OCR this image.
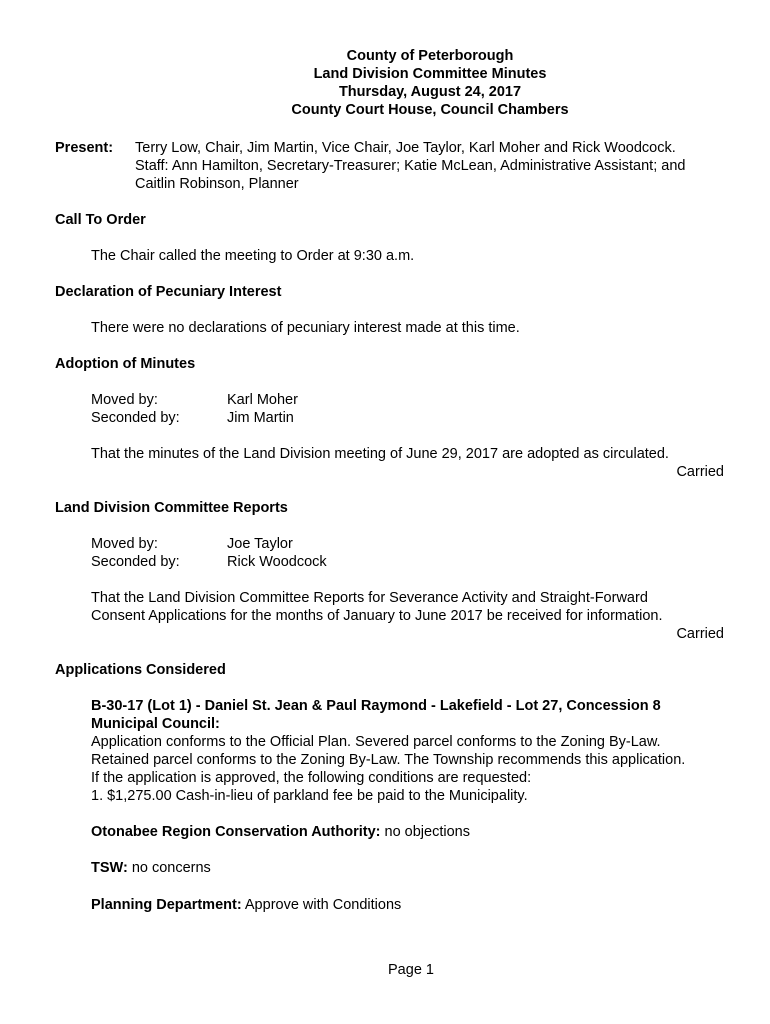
County of Peterborough
Land Division Committee Minutes
Thursday, August 24, 2017
County Court House, Council Chambers
Present: Terry Low, Chair, Jim Martin, Vice Chair, Joe Taylor, Karl Moher and Rick Woodcock.
Staff: Ann Hamilton, Secretary-Treasurer; Katie McLean, Administrative Assistant; and
Caitlin Robinson, Planner
Call To Order
The Chair called the meeting to Order at 9:30 a.m.
Declaration of Pecuniary Interest
There were no declarations of pecuniary interest made at this time.
Adoption of Minutes
Moved by:	Karl Moher
Seconded by:	Jim Martin
That the minutes of the Land Division meeting of June 29, 2017 are adopted as circulated.
Carried
Land Division Committee Reports
Moved by:	Joe Taylor
Seconded by:	Rick Woodcock
That the Land Division Committee Reports for Severance Activity and Straight-Forward
Consent Applications for the months of January to June 2017 be received for information.
Carried
Applications Considered
B-30-17 (Lot 1) - Daniel St. Jean & Paul Raymond - Lakefield - Lot 27, Concession 8
Municipal Council:
Application conforms to the Official Plan. Severed parcel conforms to the Zoning By-Law.
Retained parcel conforms to the Zoning By-Law. The Township recommends this application.
If the application is approved, the following conditions are requested:
1. $1,275.00 Cash-in-lieu of parkland fee be paid to the Municipality.
Otonabee Region Conservation Authority: no objections
TSW: no concerns
Planning Department: Approve with Conditions
Page 1
